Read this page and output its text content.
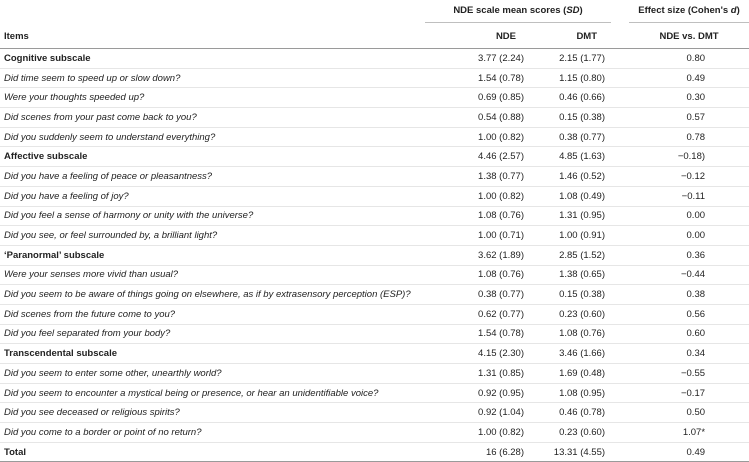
	NDE scale mean scores (SD)			Effect size (Cohen's d)

Items	NDE	DMT		NDE vs. DMT
Cognitive subscale	3.77 (2.24)	2.15 (1.77)		0.80
Did time seem to speed up or slow down?	1.54 (0.78)	1.15 (0.80)		0.49
Were your thoughts speeded up?	0.69 (0.85)	0.46 (0.66)		0.30
Did scenes from your past come back to you?	0.54 (0.88)	0.15 (0.38)		0.57
Did you suddenly seem to understand everything?	1.00 (0.82)	0.38 (0.77)		0.78
Affective subscale	4.46 (2.57)	4.85 (1.63)		−0.18)
Did you have a feeling of peace or pleasantness?	1.38 (0.77)	1.46 (0.52)		−0.12
Did you have a feeling of joy?	1.00 (0.82)	1.08 (0.49)		−0.11
Did you feel a sense of harmony or unity with the universe?	1.08 (0.76)	1.31 (0.95)		0.00
Did you see, or feel surrounded by, a brilliant light?	1.00 (0.71)	1.00 (0.91)		0.00
‘Paranormal’ subscale	3.62 (1.89)	2.85 (1.52)		0.36
Were your senses more vivid than usual?	1.08 (0.76)	1.38 (0.65)		−0.44
Did you seem to be aware of things going on elsewhere, as if by extrasensory perception (ESP)?	0.38 (0.77)	0.15 (0.38)		0.38
Did scenes from the future come to you?	0.62 (0.77)	0.23 (0.60)		0.56
Did you feel separated from your body?	1.54 (0.78)	1.08 (0.76)		0.60
Transcendental subscale	4.15 (2.30)	3.46 (1.66)		0.34
Did you seem to enter some other, unearthly world?	1.31 (0.85)	1.69 (0.48)		−0.55
Did you seem to encounter a mystical being or presence, or hear an unidentifiable voice?	0.92 (0.95)	1.08 (0.95)		−0.17
Did you see deceased or religious spirits?	0.92 (1.04)	0.46 (0.78)		0.50
Did you come to a border or point of no return?	1.00 (0.82)	0.23 (0.60)		1.07*
Total	16 (6.28)	13.31 (4.55)		0.49
